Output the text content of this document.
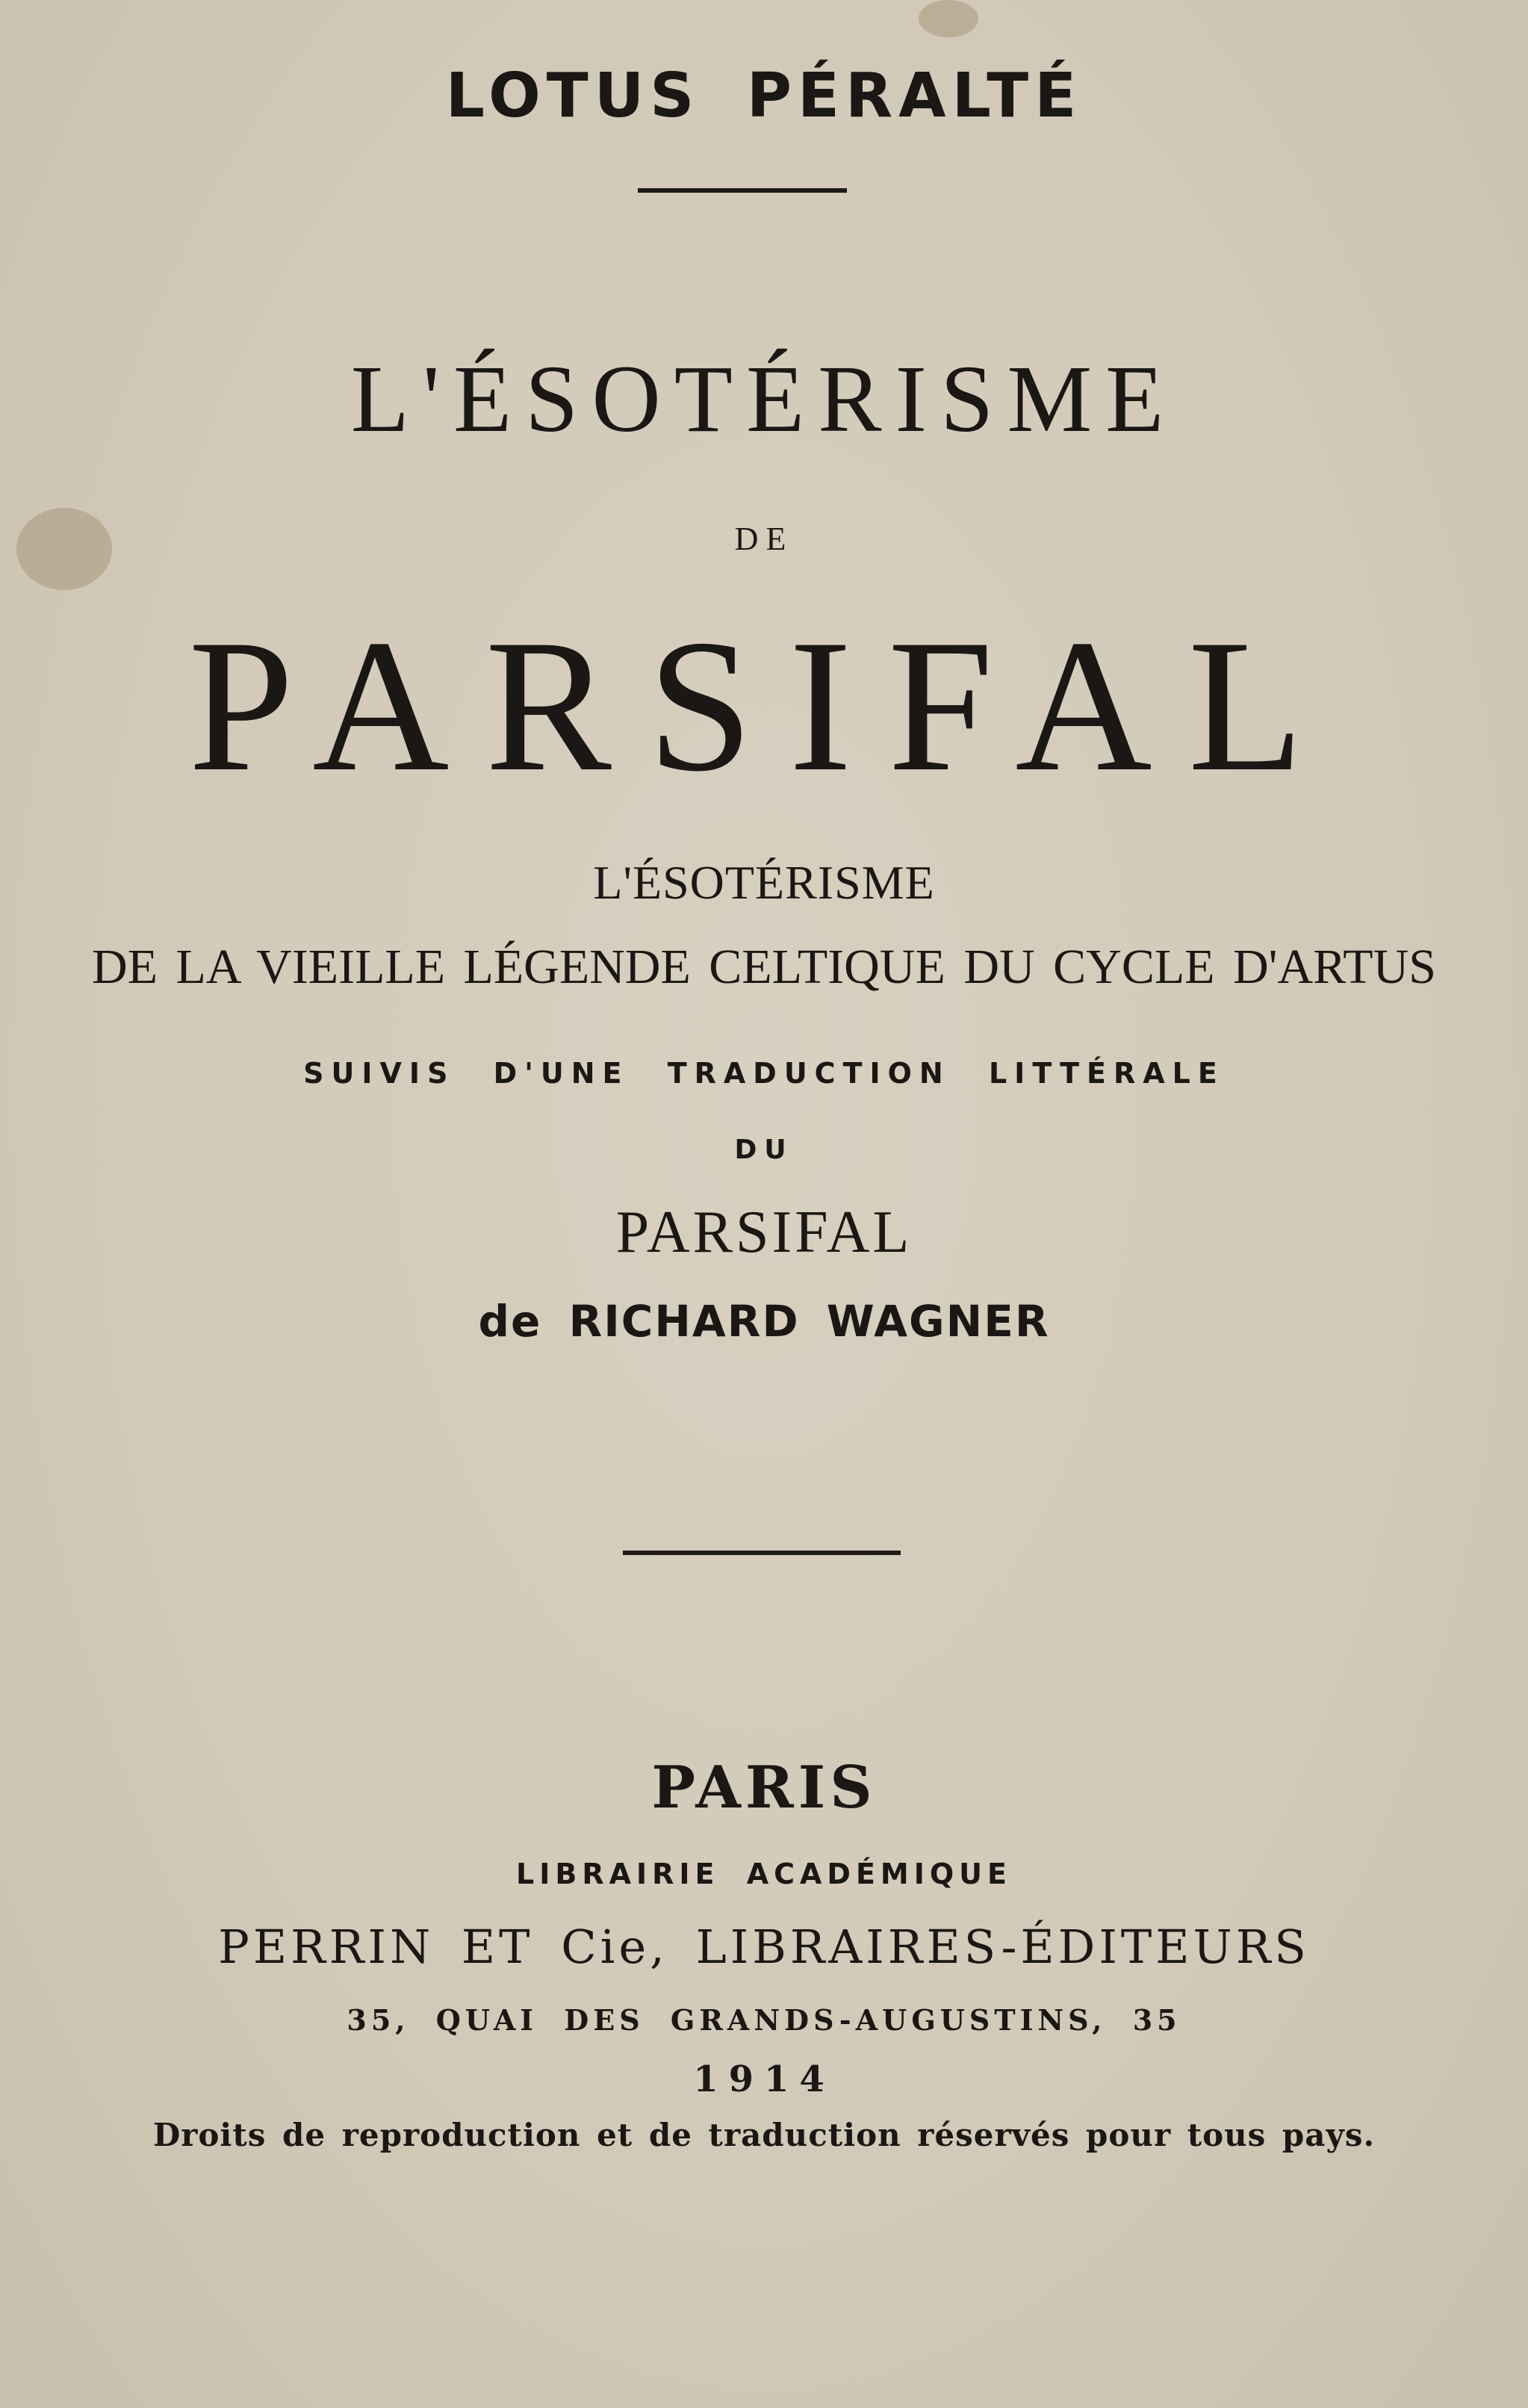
LOTUS PÉRALTÉ
L'ÉSOTÉRISME
DE
PARSIFAL
L'ÉSOTÉRISME
DE LA VIEILLE LÉGENDE CELTIQUE DU CYCLE D'ARTUS
SUIVIS D'UNE TRADUCTION LITTÉRALE
DU
PARSIFAL
de RICHARD WAGNER
PARIS
LIBRAIRIE ACADÉMIQUE
PERRIN ET Cie, LIBRAIRES-ÉDITEURS
35, QUAI DES GRANDS-AUGUSTINS, 35
1914
Droits de reproduction et de traduction réservés pour tous pays.
